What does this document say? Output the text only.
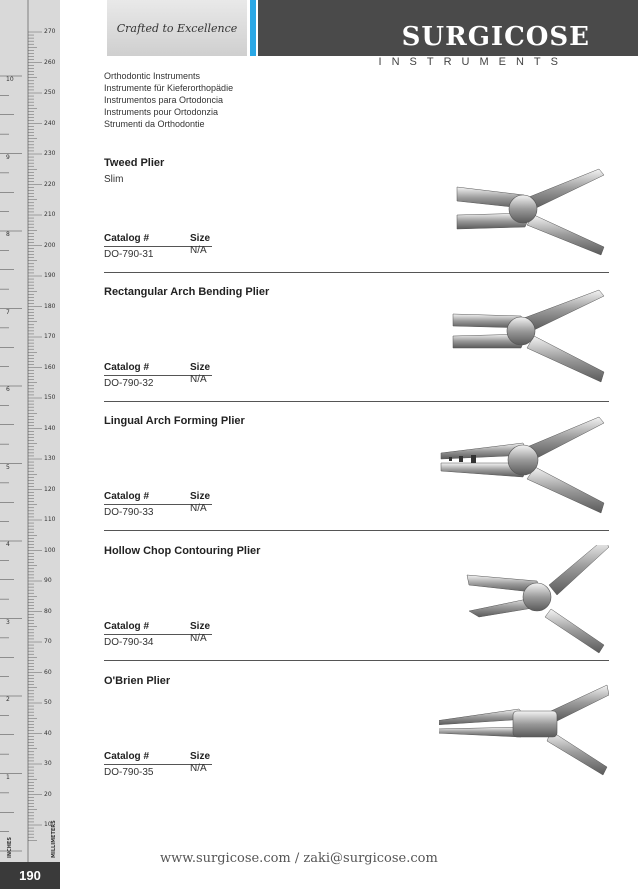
270
260
250
240
230
220
210
200
190
180
170
160
150
140
130
120
110
100
90
80
70
60
50
40
30
20
10
10
9
8
7
6
5
4
3
2
1
INCHES	MILLIMETERS
190
Crafted to Excellence	SURGICOSE
INSTRUMENTS
Orthodontic Instruments
Instrumente für Kieferorthopädie
Instrumentos para Ortodoncia
Instruments pour Ortodonzia
Strumenti da Orthodontie
Tweed Plier
Slim
Catalog #	Size
DO-790-31	N/A
Rectangular Arch Bending Plier
Catalog #	Size
DO-790-32	N/A
Lingual Arch Forming Plier
Catalog #	Size
DO-790-33	N/A
Hollow Chop Contouring Plier
Catalog #	Size
DO-790-34	N/A
O'Brien Plier
Catalog #	Size
DO-790-35	N/A
www.surgicose.com / zaki@surgicose.com
